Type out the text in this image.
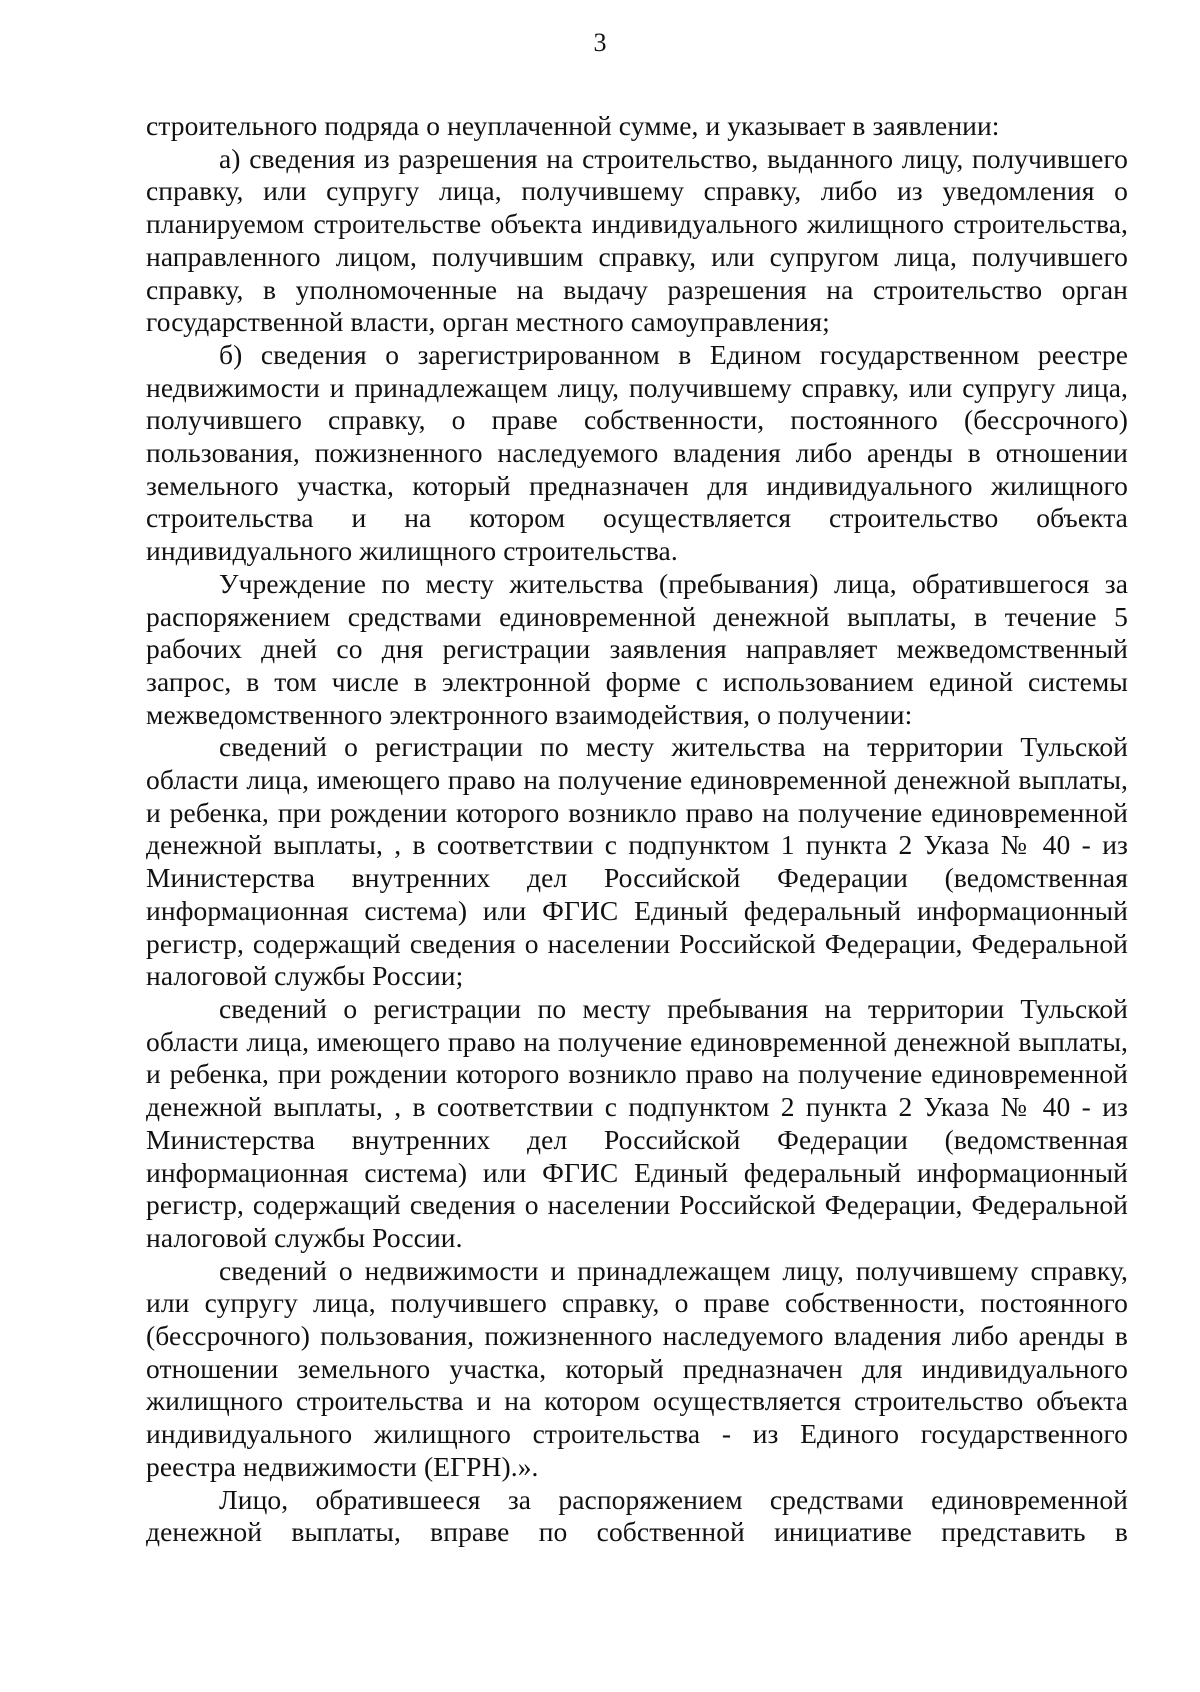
3

строительного подряда о неуплаченной сумме, и указывает в заявлении:

а) сведения из разрешения на строительство, выданного лицу, получившего справку, или супругу лица, получившему справку, либо из уведомления о планируемом строительстве объекта индивидуального жилищного строительства, направленного лицом, получившим справку, или супругом лица, получившего справку, в уполномоченные на выдачу разрешения на строительство орган государственной власти, орган местного самоуправления;

б) сведения о зарегистрированном в Едином государственном реестре недвижимости и принадлежащем лицу, получившему справку, или супругу лица, получившего справку, о праве собственности, постоянного (бессрочного) пользования, пожизненного наследуемого владения либо аренды в отношении земельного участка, который предназначен для индивидуального жилищного строительства и на котором осуществляется строительство объекта индивидуального жилищного строительства.

Учреждение по месту жительства (пребывания) лица, обратившегося за распоряжением средствами единовременной денежной выплаты, в течение 5 рабочих дней со дня регистрации заявления направляет межведомственный запрос, в том числе в электронной форме с использованием единой системы межведомственного электронного взаимодействия, о получении:

сведений о регистрации по месту жительства на территории Тульской области лица, имеющего право на получение единовременной денежной выплаты, и ребенка, при рождении которого возникло право на получение единовременной денежной выплаты, , в соответствии с подпунктом 1 пункта 2 Указа № 40 - из Министерства внутренних дел Российской Федерации (ведомственная информационная система) или ФГИС Единый федеральный информационный регистр, содержащий сведения о населении Российской Федерации, Федеральной налоговой службы России;

сведений о регистрации по месту пребывания на территории Тульской области лица, имеющего право на получение единовременной денежной выплаты, и ребенка, при рождении которого возникло право на получение единовременной денежной выплаты, , в соответствии с подпунктом 2 пункта 2 Указа № 40 - из Министерства внутренних дел Российской Федерации (ведомственная информационная система) или ФГИС Единый федеральный информационный регистр, содержащий сведения о населении Российской Федерации, Федеральной налоговой службы России.

сведений о недвижимости и принадлежащем лицу, получившему справку, или супругу лица, получившего справку, о праве собственности, постоянного (бессрочного) пользования, пожизненного наследуемого владения либо аренды в отношении земельного участка, который предназначен для индивидуального жилищного строительства и на котором осуществляется строительство объекта индивидуального жилищного строительства - из Единого государственного реестра недвижимости (ЕГРН).».

Лицо, обратившееся за распоряжением средствами единовременной денежной выплаты, вправе по собственной инициативе представить в
